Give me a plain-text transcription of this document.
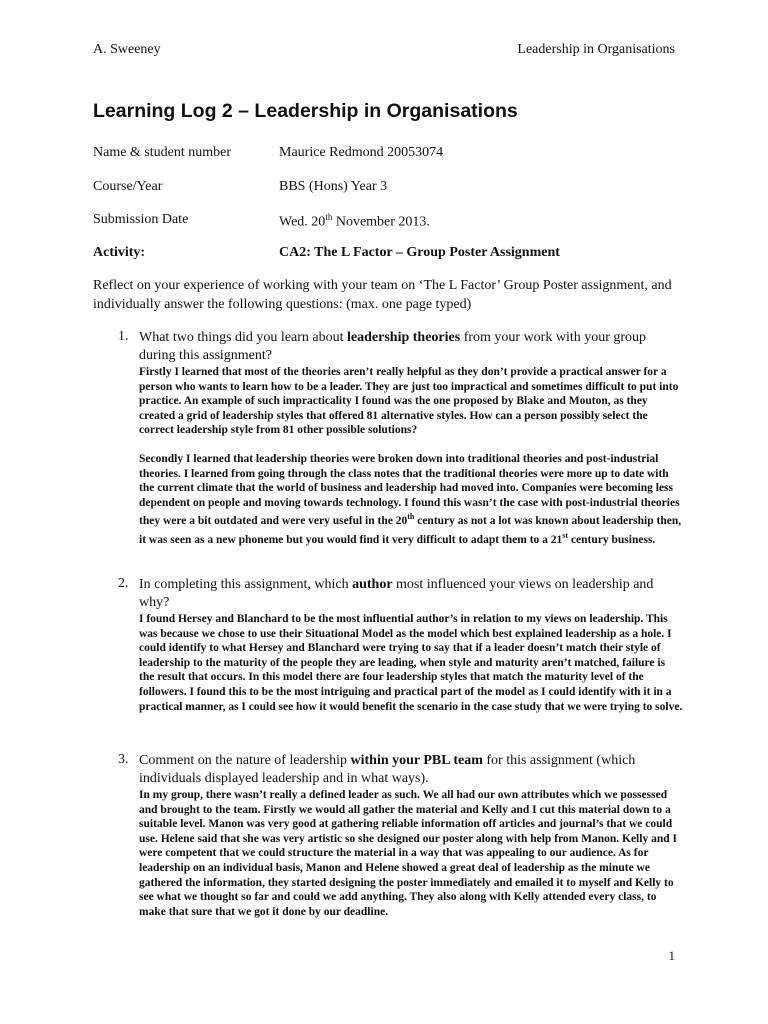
A. Sweeney	Leadership in Organisations
Learning Log 2 – Leadership in Organisations
Name & student number	Maurice Redmond 20053074
Course/Year	BBS (Hons) Year 3
Submission Date	Wed. 20th November 2013.
Activity:	CA2: The L Factor – Group Poster Assignment
Reflect on your experience of working with your team on ‘The L Factor’ Group Poster assignment, and individually answer the following questions: (max. one page typed)
1. What two things did you learn about leadership theories from your work with your group during this assignment?

Firstly I learned that most of the theories aren’t really helpful as they don’t provide a practical answer for a person who wants to learn how to be a leader. They are just too impractical and sometimes difficult to put into practice. An example of such impracticality I found was the one proposed by Blake and Mouton, as they created a grid of leadership styles that offered 81 alternative styles. How can a person possibly select the correct leadership style from 81 other possible solutions?

Secondly I learned that leadership theories were broken down into traditional theories and post-industrial theories. I learned from going through the class notes that the traditional theories were more up to date with the current climate that the world of business and leadership had moved into. Companies were becoming less dependent on people and moving towards technology. I found this wasn’t the case with post-industrial theories they were a bit outdated and were very useful in the 20th century as not a lot was known about leadership then, it was seen as a new phoneme but you would find it very difficult to adapt them to a 21st century business.

2. In completing this assignment, which author most influenced your views on leadership and why?
I found Hersey and Blanchard to be the most influential author’s in relation to my views on leadership. This was because we chose to use their Situational Model as the model which best explained leadership as a hole. I could identify to what Hersey and Blanchard were trying to say that if a leader doesn’t match their style of leadership to the maturity of the people they are leading, when style and maturity aren’t matched, failure is the result that occurs. In this model there are four leadership styles that match the maturity level of the followers. I found this to be the most intriguing and practical part of the model as I could identify with it in a practical manner, as I could see how it would benefit the scenario in the case study that we were trying to solve.
3. Comment on the nature of leadership within your PBL team for this assignment (which individuals displayed leadership and in what ways).
In my group, there wasn’t really a defined leader as such. We all had our own attributes which we possessed and brought to the team. Firstly we would all gather the material and Kelly and I cut this material down to a suitable level. Manon was very good at gathering reliable information off articles and journal’s that we could use. Helene said that she was very artistic so she designed our poster along with help from Manon. Kelly and I were competent that we could structure the material in a way that was appealing to our audience. As for leadership on an individual basis, Manon and Helene showed a great deal of leadership as the minute we gathered the information, they started designing the poster immediately and emailed it to myself and Kelly to see what we thought so far and could we add anything. They also along with Kelly attended every class, to make that sure that we got it done by our deadline.
1
